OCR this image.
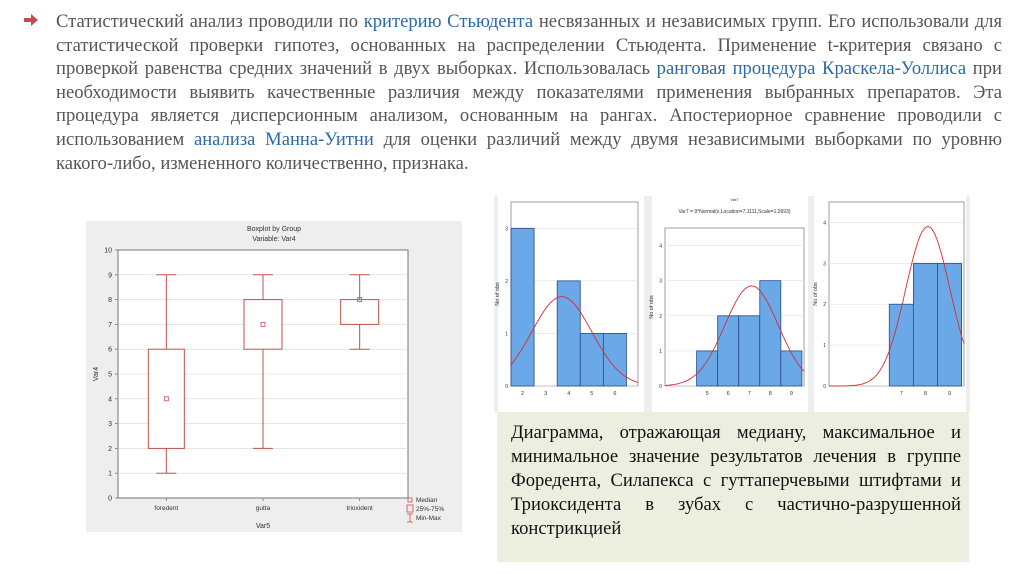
Статистический анализ проводили по критерию Стьюдента несвязанных и независимых групп. Его использовали для статистической проверки гипотез, основанных на распределении Стьюдента. Применение t-критерия связано с проверкой равенства средних значений в двух выборках. Использовалась ранговая процедура Краскела-Уоллиса при необходимости выявить качественные различия между показателями применения выбранных препаратов. Эта процедура является дисперсионным анализом, основанным на рангах. Апостериорное сравнение проводили с использованием анализа Манна-Уитни для оценки различий между двумя независимыми выборками по уровню какого-либо, измененного количественно, признака.

Boxplot by Group
Variable: Var4
Var4
Var5
0
1
2
3
4
5
6
7
8
9
10
foredent	gutta	trioxident
Median
25%-75%
Min-Max
0
1
2
3
No of obs
2	3	4	5	6
Var7
Var7 = 9*Normal(x,Location=7.1111,Scale=1.2693)
0
1
2
3
4
No of obs
5	6	7	8	9
0
1
2
3
4
No of obs
7	8	9

Диаграмма, отражающая медиану, максимальное и минимальное значение результатов лечения в группе Форедента, Силапекса с гуттаперчевыми штифтами и Триоксидента в зубах с частично-разрушенной констрикцией
